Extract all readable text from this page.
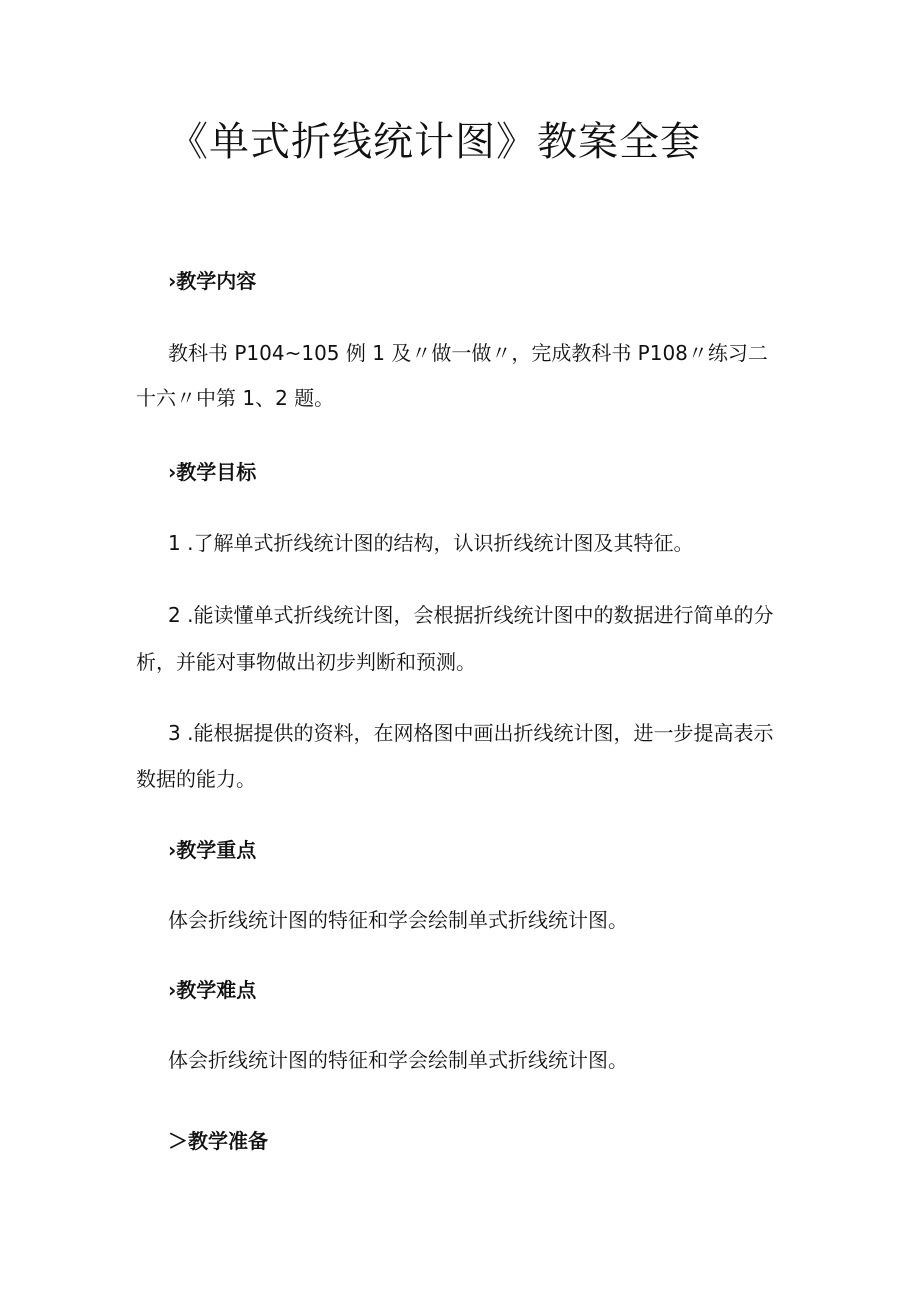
《单式折线统计图》教案全套
›教学内容
教科书 P104~105 例 1 及〃做一做〃，完成教科书 P108〃练习二
十六〃中第 1、2 题。
›教学目标
1 .了解单式折线统计图的结构，认识折线统计图及其特征。
2 .能读懂单式折线统计图，会根据折线统计图中的数据进行简单的分
析，并能对事物做出初步判断和预测。
3 .能根据提供的资料，在网格图中画出折线统计图，进一步提高表示
数据的能力。
›教学重点
体会折线统计图的特征和学会绘制单式折线统计图。
›教学难点
体会折线统计图的特征和学会绘制单式折线统计图。
＞教学准备
